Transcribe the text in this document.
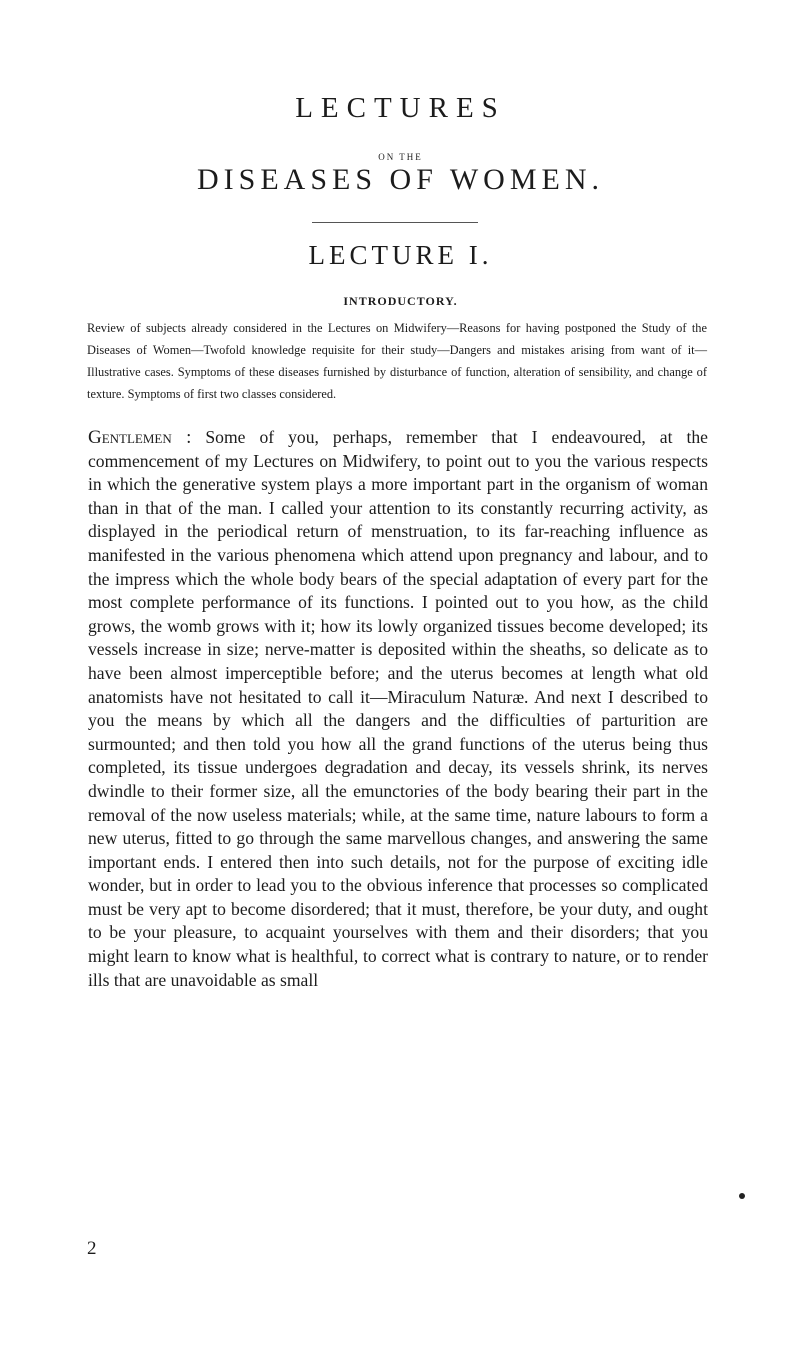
LECTURES
ON THE
DISEASES OF WOMEN.
LECTURE I.
INTRODUCTORY.

Review of subjects already considered in the Lectures on Midwifery—Reasons for having postponed the Study of the Diseases of Women—Twofold knowledge requisite for their study—Dangers and mistakes arising from want of it—Illustrative cases. Symptoms of these diseases furnished by disturbance of function, alteration of sensibility, and change of texture. Symptoms of first two classes considered.

Gentlemen : Some of you, perhaps, remember that I endeavoured, at the commencement of my Lectures on Midwifery, to point out to you the various respects in which the generative system plays a more important part in the organism of woman than in that of the man. I called your attention to its constantly recurring activity, as displayed in the periodical return of menstruation, to its far-reaching influence as manifested in the various phenomena which attend upon pregnancy and labour, and to the impress which the whole body bears of the special adaptation of every part for the most complete performance of its functions. I pointed out to you how, as the child grows, the womb grows with it; how its lowly organized tissues become developed; its vessels increase in size; nerve-matter is deposited within the sheaths, so delicate as to have been almost imperceptible before; and the uterus becomes at length what old anatomists have not hesitated to call it—Miraculum Naturæ. And next I described to you the means by which all the dangers and the difficulties of parturition are surmounted; and then told you how all the grand functions of the uterus being thus completed, its tissue undergoes degradation and decay, its vessels shrink, its nerves dwindle to their former size, all the emunctories of the body bearing their part in the removal of the now useless materials; while, at the same time, nature labours to form a new uterus, fitted to go through the same marvellous changes, and answering the same important ends. I entered then into such details, not for the purpose of exciting idle wonder, but in order to lead you to the obvious inference that processes so complicated must be very apt to become disordered; that it must, therefore, be your duty, and ought to be your pleasure, to acquaint yourselves with them and their disorders; that you might learn to know what is healthful, to correct what is contrary to nature, or to render ills that are unavoidable as small

2
